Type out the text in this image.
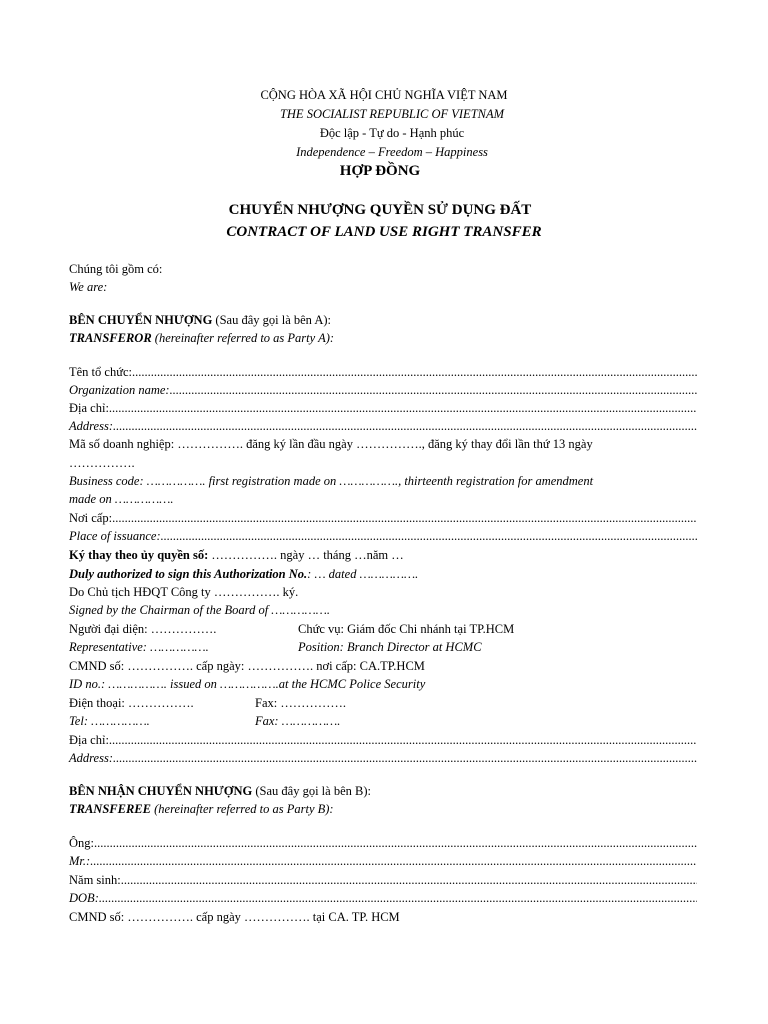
CỘNG HÒA XÃ HỘI CHỦ NGHĨA VIỆT NAM
THE SOCIALIST REPUBLIC OF VIETNAM
Độc lập - Tự do - Hạnh phúc
Independence – Freedom – Happiness
HỢP ĐỒNG
CHUYỂN NHƯỢNG QUYỀN SỬ DỤNG ĐẤT
CONTRACT OF LAND USE RIGHT TRANSFER
Chúng tôi gồm có:
We are:
BÊN CHUYỂN NHƯỢNG (Sau đây gọi là bên A):
TRANSFEROR (hereinafter referred to as Party A):
Tên tổ chức:
.....
Organization name:
.....
Địa chỉ:
.....
Address:
.....
Mã số doanh nghiệp: ……………. đăng ký lần đầu ngày ……………., đăng ký thay đổi lần thứ 13 ngày
…………….
Business code: ……………. first registration made on ……………., thirteenth registration for amendment
made on …………….
Nơi cấp:
.....
Place of issuance:
.....
Ký thay theo ủy quyền số: ……………. ngày … tháng …năm …
Duly authorized to sign this Authorization No.: … dated …………….
Do Chủ tịch HĐQT Công ty ……………. ký.
Signed by the Chairman of the Board of …………….
Người đại diện: …………….	Chức vụ: Giám đốc Chi nhánh tại TP.HCM
Representative: …………….	Position: Branch Director at HCMC
CMND số: ……………. cấp ngày: ……………. nơi cấp: CA.TP.HCM
ID no.: ……………. issued on …………….at the HCMC Police Security
Điện thoại: …………….	Fax: …………….
Tel: …………….	Fax: …………….
Địa chỉ:
.....
Address:
.....
BÊN NHẬN CHUYỂN NHƯỢNG (Sau đây gọi là bên B):
TRANSFEREE (hereinafter referred to as Party B):
Ông:
.....
Mr.:
.....
Năm sinh:
.....
DOB:
.....
CMND số: ……………. cấp ngày ……………. tại CA. TP. HCM
